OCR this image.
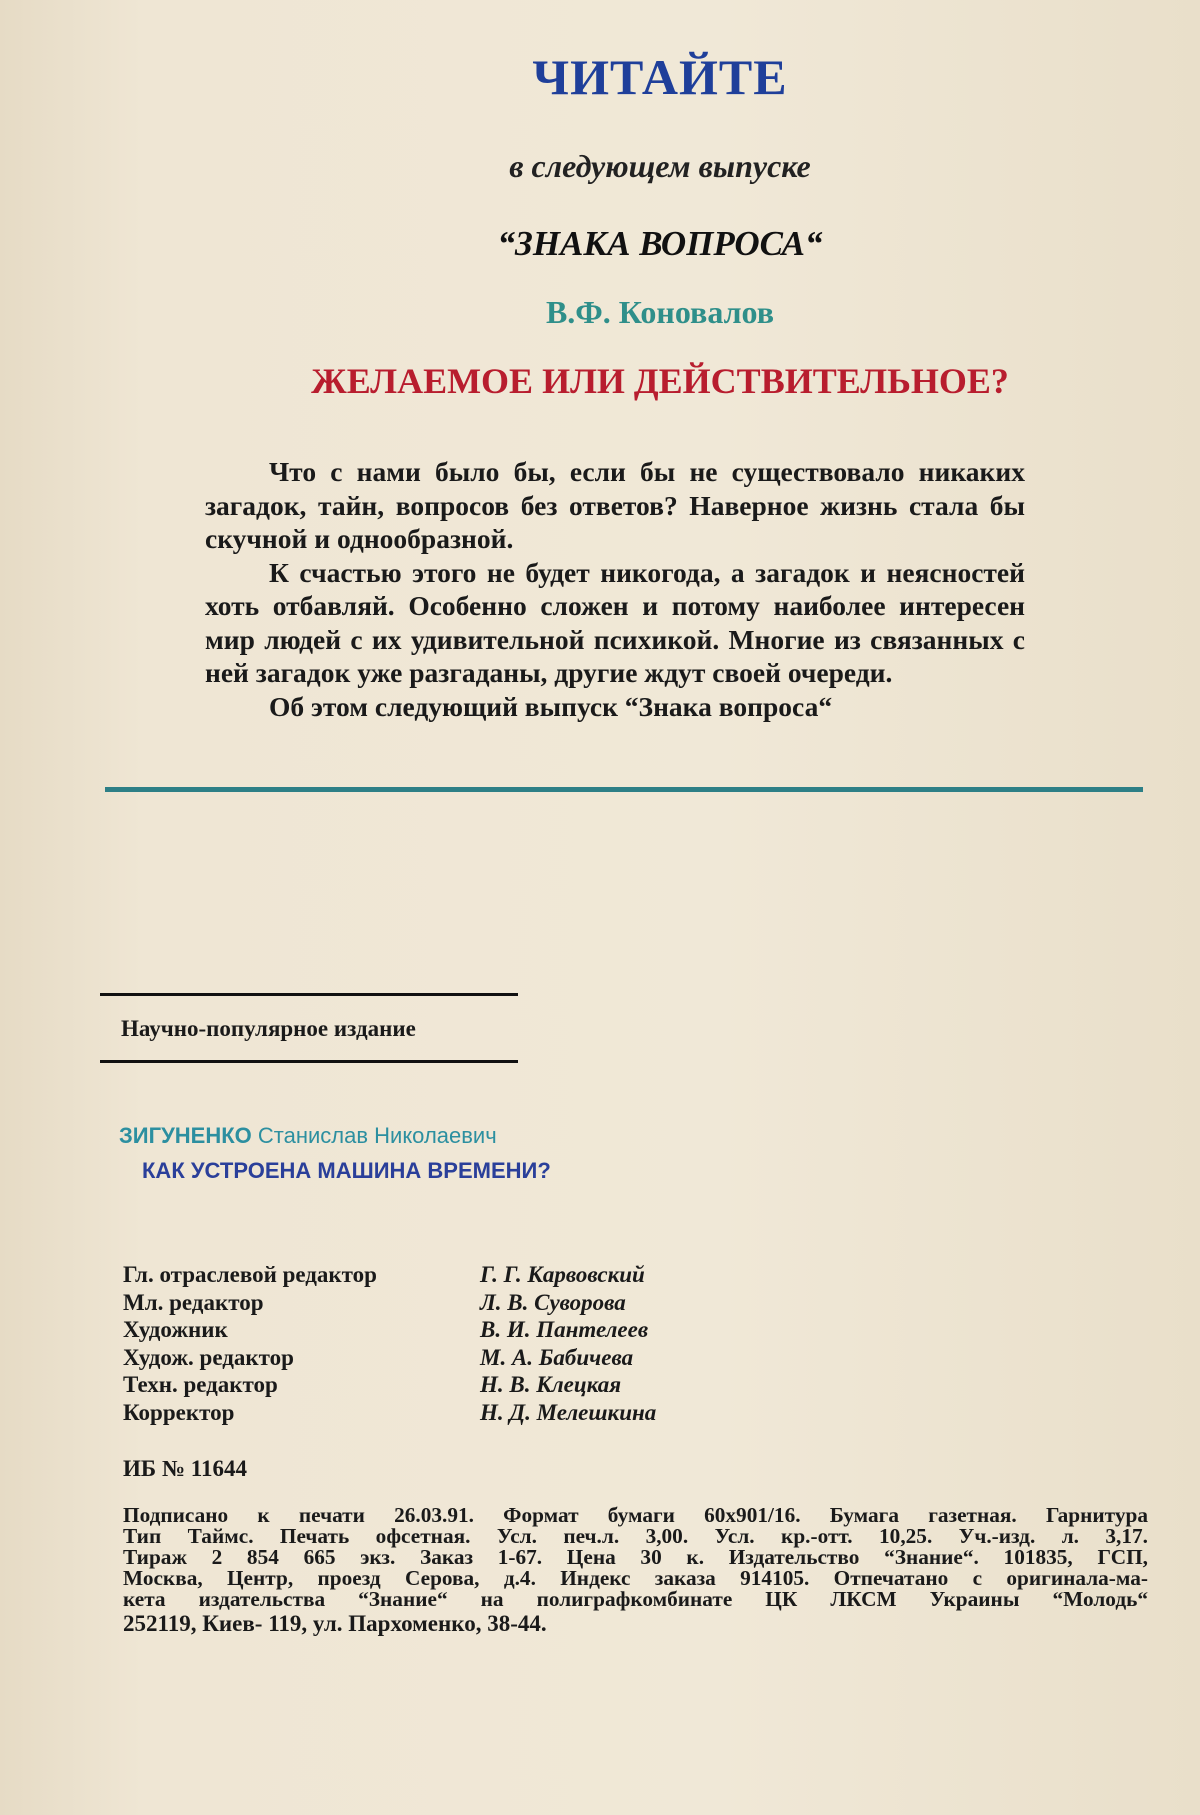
ЧИТАЙТЕ
в следующем выпуске
“ЗНАКА ВОПРОСА“
В.Ф. Коновалов
ЖЕЛАЕМОЕ ИЛИ ДЕЙСТВИТЕЛЬНОЕ?

Что с нами было бы, если бы не существовало никаких загадок, тайн, вопросов без ответов? Наверное жизнь стала бы скучной и однообразной.

К счастью этого не будет никогода, а загадок и неясностей хоть отбавляй. Особенно сложен и потому наиболее интересен мир людей с их удивительной психикой. Многие из связанных с ней загадок уже разгаданы, другие ждут своей очереди.

Об этом следующий выпуск “Знака вопроса“

Научно-популярное издание
ЗИГУНЕНКО Станислав Николаевич
КАК УСТРОЕНА МАШИНА ВРЕМЕНИ?
Гл. отраслевой редактор	Г. Г. Карвовский
Мл. редактор	Л. В. Суворова
Художник	В. И. Пантелеев
Худож. редактор	М. А. Бабичева
Техн. редактор	Н. В. Клецкая
Корректор	Н. Д. Мелешкина
ИБ № 11644
Подписано к печати 26.03.91. Формат бумаги 60х901/16. Бумага газетная. Гарнитура
Тип Таймс. Печать офсетная. Усл. печ.л. 3,00. Усл. кр.-отт. 10,25. Уч.-изд. л. 3,17.
Тираж 2 854 665 экз. Заказ 1-67. Цена 30 к. Издательство “Знание“. 101835, ГСП,
Москва, Центр, проезд Серова, д.4. Индекс заказа 914105. Отпечатано с оригинала-ма-
кета издательства “Знание“ на полиграфкомбинате ЦК ЛКСМ Украины “Молодь“
252119, Киев- 119, ул. Пархоменко, 38-44.
